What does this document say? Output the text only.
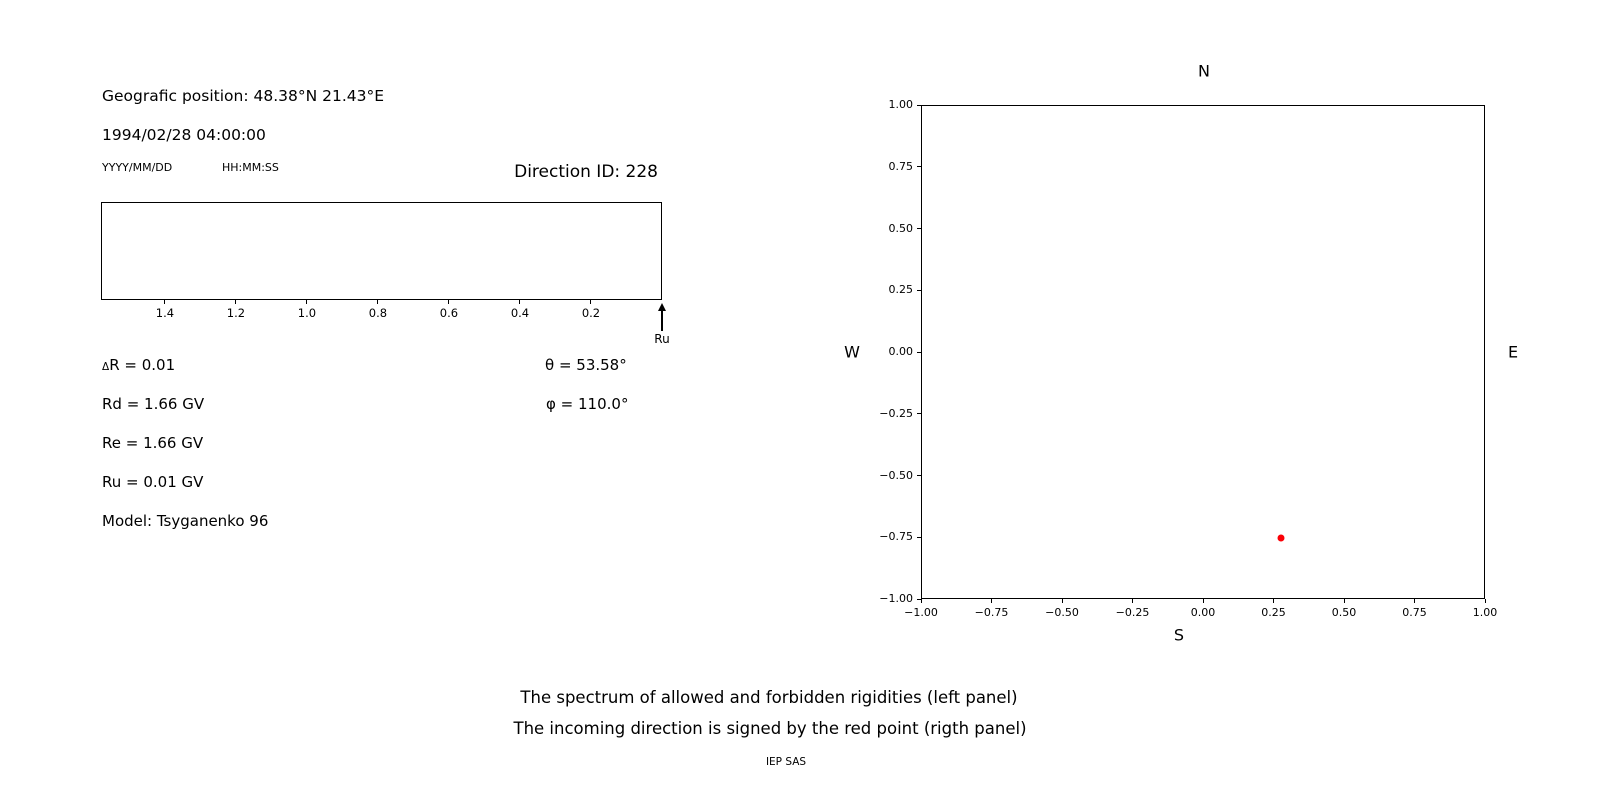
Geografic position: 48.38°N 21.43°E
1994/02/28 04:00:00
YYYY/MM/DD	HH:MM:SS	Direction ID: 228
1.4	1.2	1.0	0.8	0.6	0.4	0.2
Ru
ΔR = 0.01
Rd = 1.66 GV
Re = 1.66 GV
Ru = 0.01 GV
Model: Tsyganenko 96
θ = 53.58°
φ = 110.0°
−1.00
−1.00
−0.75
−0.75
−0.50
−0.50
−0.25
−0.25
0.00
0.00
0.25
0.25
0.50
0.50
0.75
0.75
1.00
1.00
N
S
W	E
The spectrum of allowed and forbidden rigidities (left panel)
The incoming direction is signed by the red point (rigth panel)
IEP SAS
